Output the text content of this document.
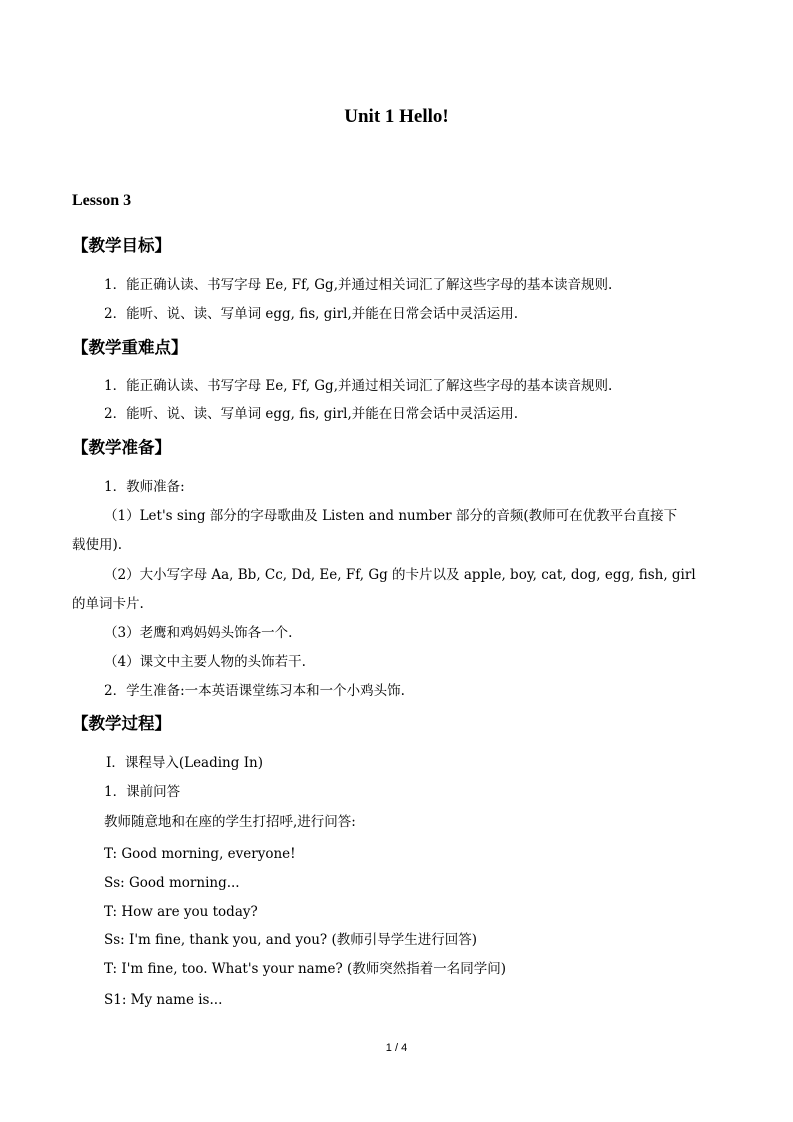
Unit 1 Hello!
Lesson 3
【教学目标】
1．能正确认读、书写字母 Ee, Ff, Gg,并通过相关词汇了解这些字母的基本读音规则.
2．能听、说、读、写单词 egg, fis, girl,并能在日常会话中灵活运用.
【教学重难点】
1．能正确认读、书写字母 Ee, Ff, Gg,并通过相关词汇了解这些字母的基本读音规则.
2．能听、说、读、写单词 egg, fis, girl,并能在日常会话中灵活运用.
【教学准备】
1．教师准备:
（1）Let's sing 部分的字母歌曲及 Listen and number 部分的音频(教师可在优教平台直接下
载使用).
（2）大小写字母 Aa, Bb, Cc, Dd, Ee, Ff, Gg 的卡片以及 apple, boy, cat, dog, egg, fish, girl
的单词卡片.
（3）老鹰和鸡妈妈头饰各一个.
（4）课文中主要人物的头饰若干.
2．学生准备:一本英语课堂练习本和一个小鸡头饰.
【教学过程】
Ⅰ．课程导入(Leading In)
1．课前问答
教师随意地和在座的学生打招呼,进行问答:
T: Good morning, everyone!
Ss: Good morning...
T: How are you today?
Ss: I'm fine, thank you, and you? (教师引导学生进行回答)
T: I'm fine, too. What's your name? (教师突然指着一名同学问)
S1: My name is...
1 / 4
